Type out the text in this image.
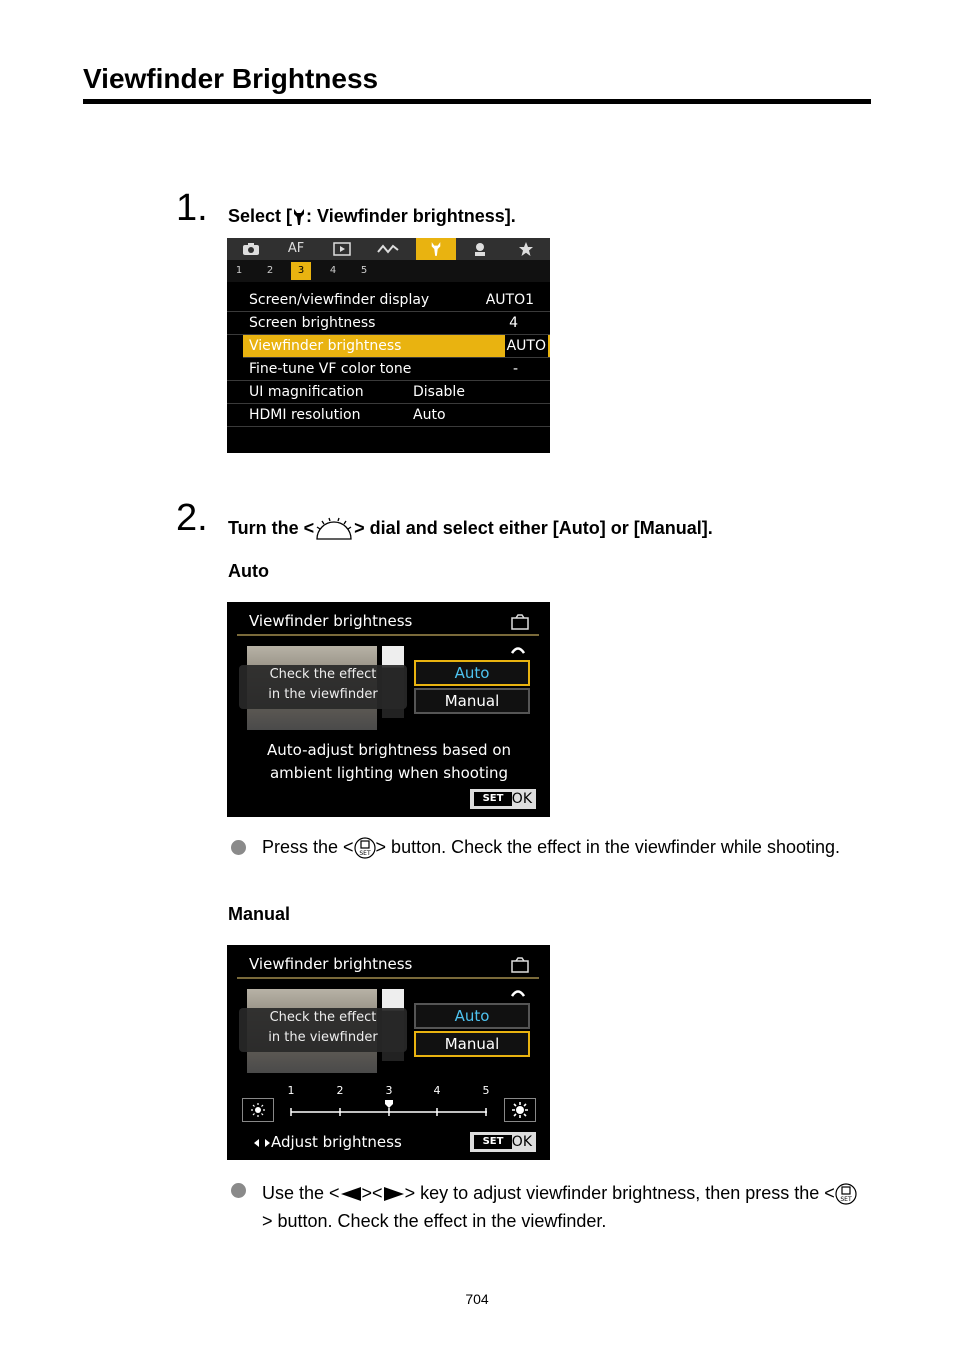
Viewfinder Brightness
1. Select [ : Viewfinder brightness].
AF
1	2	3	4	5
Screen/viewfinder display	AUTO1
Screen brightness	4
Viewfinder brightness	AUTO
Fine-tune VF color tone	-
UI magnification	Disable
HDMI resolution	Auto
2. Turn the < > dial and select either [Auto] or [Manual].
Auto
Viewfinder brightness
Check the effect
in the viewfinder
Auto
Manual
Auto-adjust brightness based on
ambient lighting when shooting
SET OK
Press the < SET > button. Check the effect in the viewfinder while shooting.
Manual
Viewfinder brightness
Check the effect
in the viewfinder
Auto
Manual
1	2	3	4	5
Adjust brightness	SET OK
Use the < >< > key to adjust viewfinder brightness, then press the < SET
> button. Check the effect in the viewfinder.
704
